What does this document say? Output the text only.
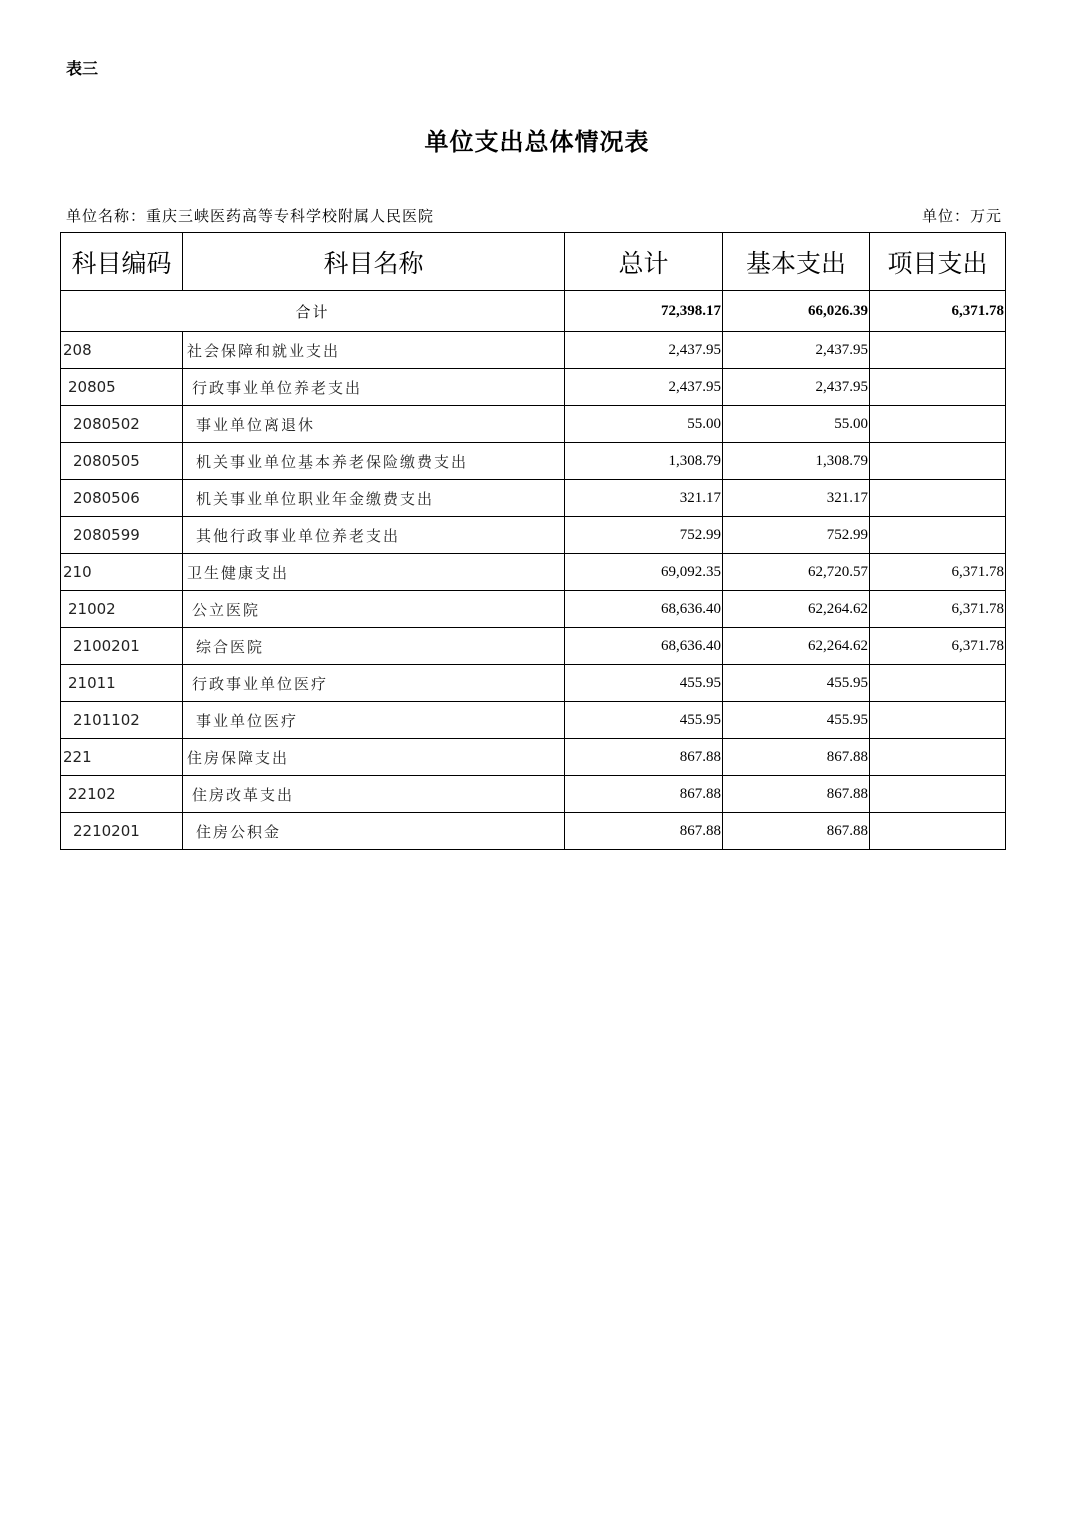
表三
单位支出总体情况表
单位名称：重庆三峡医药高等专科学校附属人民医院	单位：万元
科目编码	科目名称	总计	基本支出	项目支出
合计		72,398.17	66,026.39	6,371.78
208	社会保障和就业支出	2,437.95	2,437.95	
20805	行政事业单位养老支出	2,437.95	2,437.95	
2080502	事业单位离退休	55.00	55.00	
2080505	机关事业单位基本养老保险缴费支出	1,308.79	1,308.79	
2080506	机关事业单位职业年金缴费支出	321.17	321.17	
2080599	其他行政事业单位养老支出	752.99	752.99	
210	卫生健康支出	69,092.35	62,720.57	6,371.78
21002	公立医院	68,636.40	62,264.62	6,371.78
2100201	综合医院	68,636.40	62,264.62	6,371.78
21011	行政事业单位医疗	455.95	455.95	
2101102	事业单位医疗	455.95	455.95	
221	住房保障支出	867.88	867.88	
22102	住房改革支出	867.88	867.88	
2210201	住房公积金	867.88	867.88	
